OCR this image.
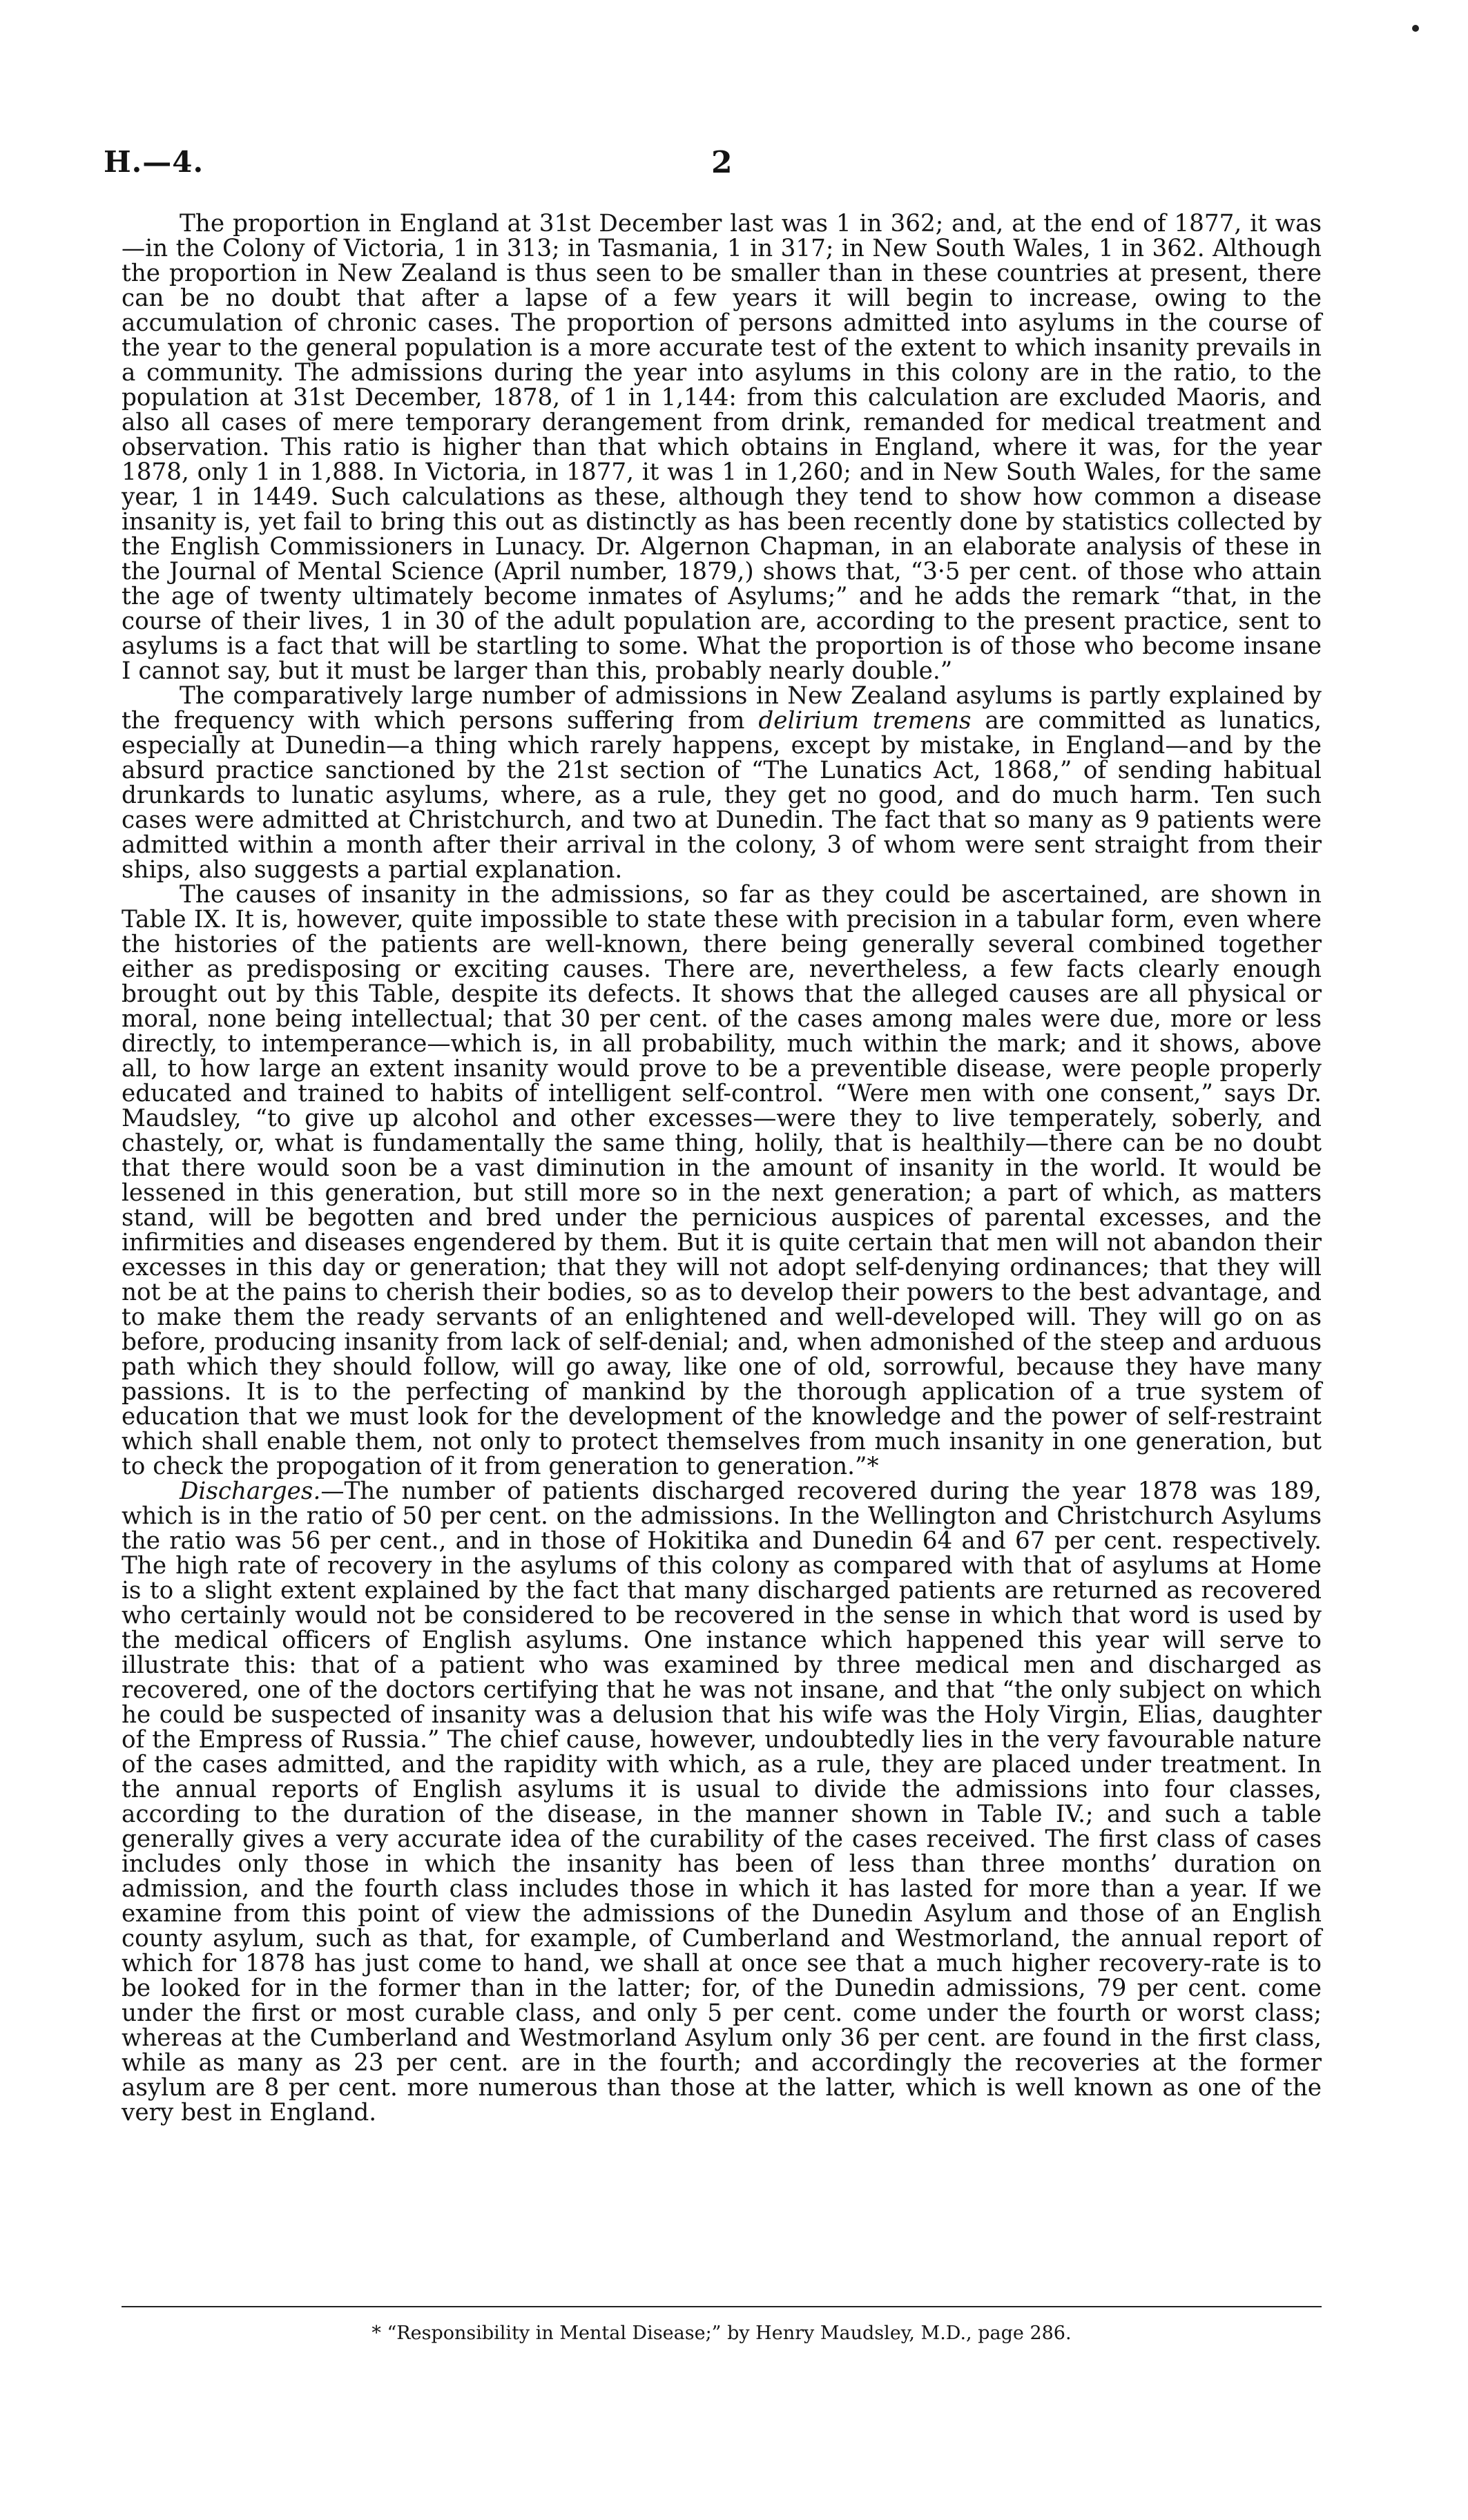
H.—4.	2

The proportion in England at 31st December last was 1 in 362; and, at the end of 1877, it was—in the Colony of Victoria, 1 in 313; in Tasmania, 1 in 317; in New South Wales, 1 in 362. Although the proportion in New Zealand is thus seen to be smaller than in these countries at present, there can be no doubt that after a lapse of a few years it will begin to increase, owing to the accumulation of chronic cases. The proportion of persons admitted into asylums in the course of the year to the general population is a more accurate test of the extent to which insanity prevails in a community. The admissions during the year into asylums in this colony are in the ratio, to the population at 31st December, 1878, of 1 in 1,144: from this calculation are excluded Maoris, and also all cases of mere temporary derangement from drink, remanded for medical treatment and observation. This ratio is higher than that which obtains in England, where it was, for the year 1878, only 1 in 1,888. In Victoria, in 1877, it was 1 in 1,260; and in New South Wales, for the same year, 1 in 1449. Such calculations as these, although they tend to show how common a disease insanity is, yet fail to bring this out as distinctly as has been recently done by statistics collected by the English Commissioners in Lunacy. Dr. Algernon Chapman, in an elaborate analysis of these in the Journal of Mental Science (April number, 1879,) shows that, “3·5 per cent. of those who attain the age of twenty ultimately become inmates of Asylums;” and he adds the remark “that, in the course of their lives, 1 in 30 of the adult population are, according to the present practice, sent to asylums is a fact that will be startling to some. What the proportion is of those who become insane I cannot say, but it must be larger than this, probably nearly double.”

The comparatively large number of admissions in New Zealand asylums is partly explained by the frequency with which persons suffering from delirium tremens are committed as lunatics, especially at Dunedin—a thing which rarely happens, except by mistake, in England—and by the absurd practice sanctioned by the 21st section of “The Lunatics Act, 1868,” of sending habitual drunkards to lunatic asylums, where, as a rule, they get no good, and do much harm. Ten such cases were admitted at Christchurch, and two at Dunedin. The fact that so many as 9 patients were admitted within a month after their arrival in the colony, 3 of whom were sent straight from their ships, also suggests a partial explanation.

The causes of insanity in the admissions, so far as they could be ascertained, are shown in Table IX. It is, however, quite impossible to state these with precision in a tabular form, even where the histories of the patients are well-known, there being generally several combined together either as predisposing or exciting causes. There are, nevertheless, a few facts clearly enough brought out by this Table, despite its defects. It shows that the alleged causes are all physical or moral, none being intellectual; that 30 per cent. of the cases among males were due, more or less directly, to intemperance—which is, in all probability, much within the mark; and it shows, above all, to how large an extent insanity would prove to be a preventible disease, were people properly educated and trained to habits of intelligent self-control. “Were men with one consent,” says Dr. Maudsley, “to give up alcohol and other excesses—were they to live temperately, soberly, and chastely, or, what is fundamentally the same thing, holily, that is healthily—there can be no doubt that there would soon be a vast diminution in the amount of insanity in the world. It would be lessened in this generation, but still more so in the next generation; a part of which, as matters stand, will be begotten and bred under the pernicious auspices of parental excesses, and the infirmities and diseases engendered by them. But it is quite certain that men will not abandon their excesses in this day or generation; that they will not adopt self-denying ordinances; that they will not be at the pains to cherish their bodies, so as to develop their powers to the best advantage, and to make them the ready servants of an enlightened and well-developed will. They will go on as before, producing insanity from lack of self-denial; and, when admonished of the steep and arduous path which they should follow, will go away, like one of old, sorrowful, because they have many passions. It is to the perfecting of mankind by the thorough application of a true system of education that we must look for the development of the knowledge and the power of self-restraint which shall enable them, not only to protect themselves from much insanity in one generation, but to check the propogation of it from generation to generation.”*

Discharges.—The number of patients discharged recovered during the year 1878 was 189, which is in the ratio of 50 per cent. on the admissions. In the Wellington and Christchurch Asylums the ratio was 56 per cent., and in those of Hokitika and Dunedin 64 and 67 per cent. respectively. The high rate of recovery in the asylums of this colony as compared with that of asylums at Home is to a slight extent explained by the fact that many discharged patients are returned as recovered who certainly would not be considered to be recovered in the sense in which that word is used by the medical officers of English asylums. One instance which happened this year will serve to illustrate this: that of a patient who was examined by three medical men and discharged as recovered, one of the doctors certifying that he was not insane, and that “the only subject on which he could be suspected of insanity was a delusion that his wife was the Holy Virgin, Elias, daughter of the Empress of Russia.” The chief cause, however, undoubtedly lies in the very favourable nature of the cases admitted, and the rapidity with which, as a rule, they are placed under treatment. In the annual reports of English asylums it is usual to divide the admissions into four classes, according to the duration of the disease, in the manner shown in Table IV.; and such a table generally gives a very accurate idea of the curability of the cases received. The first class of cases includes only those in which the insanity has been of less than three months’ duration on admission, and the fourth class includes those in which it has lasted for more than a year. If we examine from this point of view the admissions of the Dunedin Asylum and those of an English county asylum, such as that, for example, of Cumberland and Westmorland, the annual report of which for 1878 has just come to hand, we shall at once see that a much higher recovery-rate is to be looked for in the former than in the latter; for, of the Dunedin admissions, 79 per cent. come under the first or most curable class, and only 5 per cent. come under the fourth or worst class; whereas at the Cumberland and Westmorland Asylum only 36 per cent. are found in the first class, while as many as 23 per cent. are in the fourth; and accordingly the recoveries at the former asylum are 8 per cent. more numerous than those at the latter, which is well known as one of the very best in England.

* “Responsibility in Mental Disease;” by Henry Maudsley, M.D., page 286.
